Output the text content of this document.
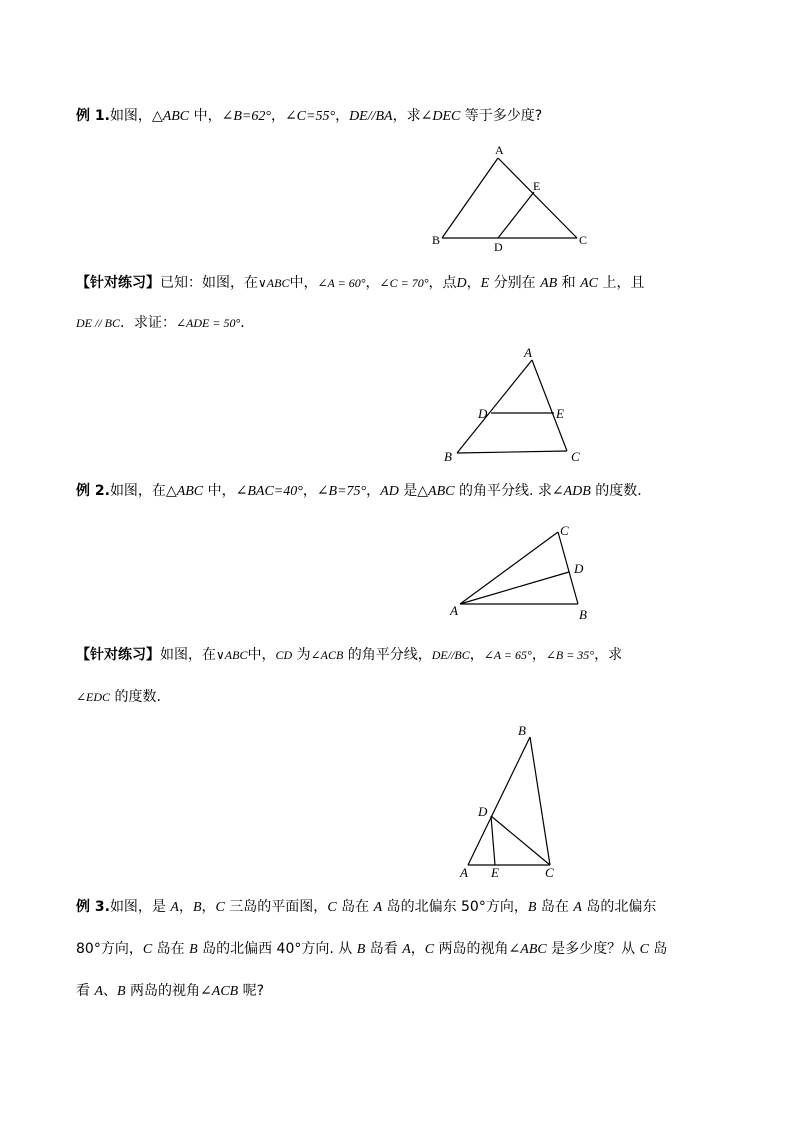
例 1.如图，△ABC 中，∠B=62°，∠C=55°，DE//BA，求∠DEC 等于多少度?
A
B	C
D
E
【针对练习】已知：如图，在∨ABC中，∠A = 60°，∠C = 70°，点D，E 分别在 AB 和 AC 上，且
DE // BC．求证：∠ADE = 50°．
A
B	C
D	E
例 2.如图，在△ABC 中，∠BAC=40°，∠B=75°，AD 是△ABC 的角平分线. 求∠ADB 的度数.
A	B
C
D
【针对练习】如图，在∨ABC中，CD 为∠ACB 的角平分线，DE//BC，∠A = 65°，∠B = 35°，求
∠EDC 的度数.
B
D
A E	C
例 3.如图，是 A，B，C 三岛的平面图，C 岛在 A 岛的北偏东 50°方向，B 岛在 A 岛的北偏东
80°方向，C 岛在 B 岛的北偏西 40°方向. 从 B 岛看 A，C 两岛的视角∠ABC 是多少度？从 C 岛
看 A、B 两岛的视角∠ACB 呢?
